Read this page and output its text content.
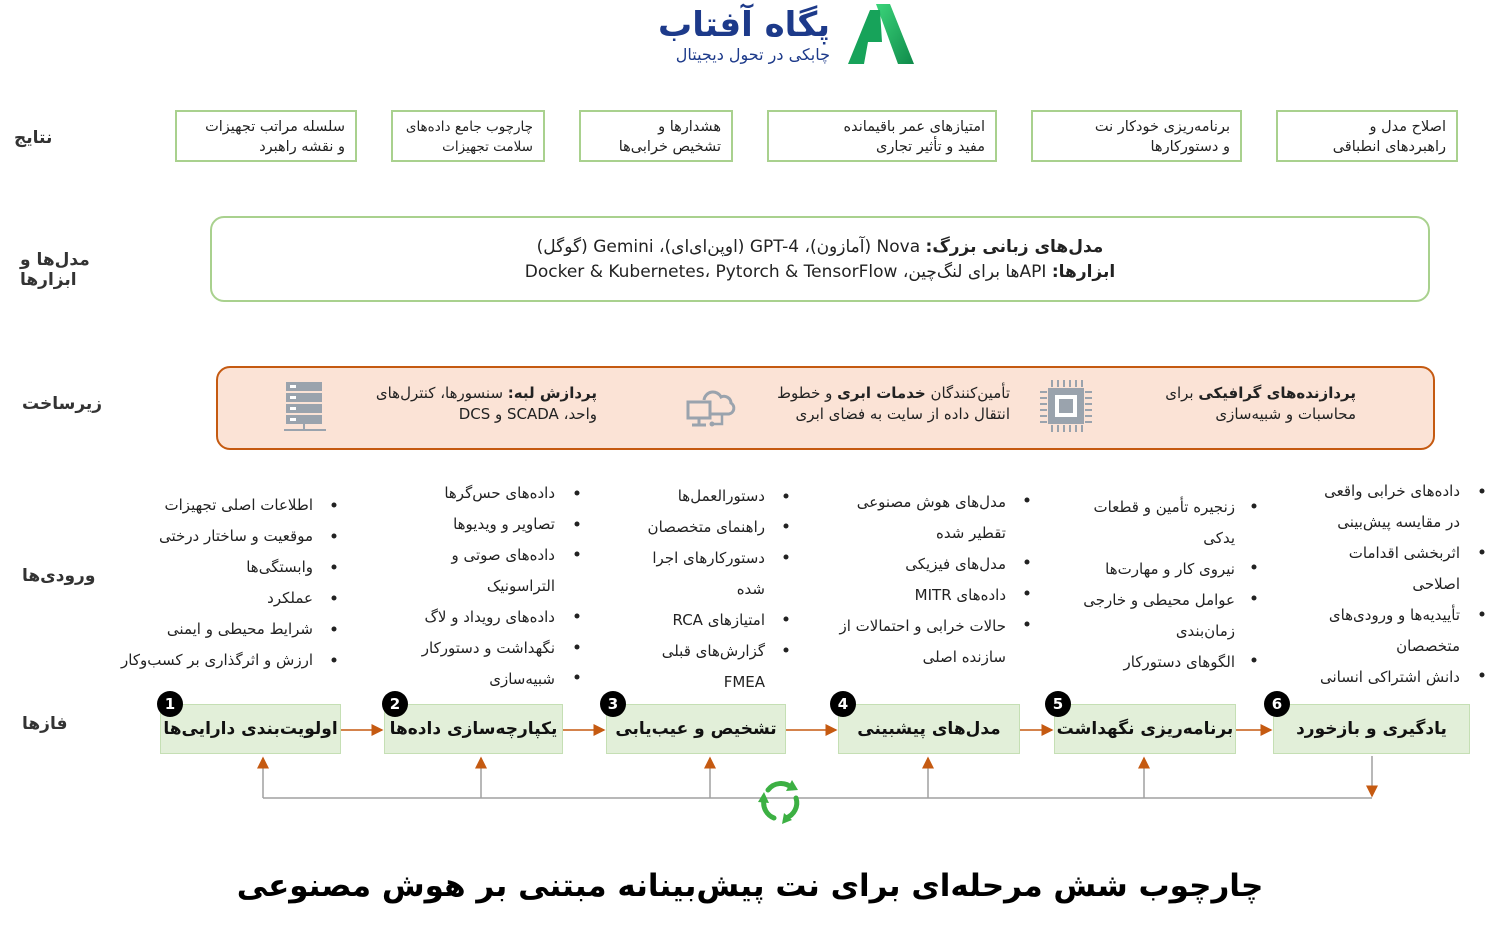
پگاه آفتاب
چابکی در تحول دیجیتال
نتایج
مدل‌ها و ابزارها
زیرساخت
ورودی‌ها
فازها
اصلاح مدل و
راهبردهای انطباقی
برنامه‌ریزی خودکار نت
و دستورکارها
امتیازهای عمر باقیمانده
مفید و تأثیر تجاری
هشدارها و
تشخیص خرابی‌ها
چارچوب جامع داده‌های
سلامت تجهیزات
سلسله مراتب تجهیزات
و نقشه راهبرد
مدل‌های زبانی بزرگ: Nova (آمازون)، GPT-4 (اوپن‌ای‌ای)، Gemini (گوگل)
ابزارها: APIها برای لنگ‌چین، Docker & Kubernetes، Pytorch & TensorFlow
پردازنده‌های گرافیکی برای
محاسبات و شبیه‌سازی
تأمین‌کنندگان خدمات ابری و خطوط
انتقال داده از سایت به فضای ابری
پردازش لبه: سنسورها، کنترل‌های
واحد، SCADA و DCS
داده‌های خرابی واقعی
در مقایسه پیش‌بینی
اثربخشی اقدامات
اصلاحی
تأییدیه‌ها و ورودی‌های
متخصصان
دانش اشتراکی انسانی
زنجیره تأمین و قطعات
یدکی
نیروی کار و مهارت‌ها
عوامل محیطی و خارجی
زمان‌بندی
الگوهای دستورکار
مدل‌های هوش مصنوعی
تقطیر شده
مدل‌های فیزیکی
داده‌های MITR
حالات خرابی و احتمالات از
سازنده اصلی
دستورالعمل‌ها
راهنمای متخصصان
دستورکارهای اجرا
شده
امتیازهای RCA
گزارش‌های قبلی
FMEA
داده‌های حس‌گرها
تصاویر و ویدیوها
داده‌های صوتی و
التراسونیک
داده‌های رویداد و لاگ
نگهداشت و دستورکار
شبیه‌سازی
اطلاعات اصلی تجهیزات
موقعیت و ساختار درختی
وابستگی‌ها
عملکرد
شرایط محیطی و ایمنی
ارزش و اثرگذاری بر کسب‌وکار
اولویت‌بندی دارایی‌ها	یکپارچه‌سازی داده‌ها	تشخیص و عیب‌یابی	مدل‌های پیشبینی	برنامه‌ریزی نگهداشت	یادگیری و بازخورد
1	2	3	4	5	6
چارچوب شش مرحله‌ای برای نت پیش‌بینانه مبتنی بر هوش مصنوعی
